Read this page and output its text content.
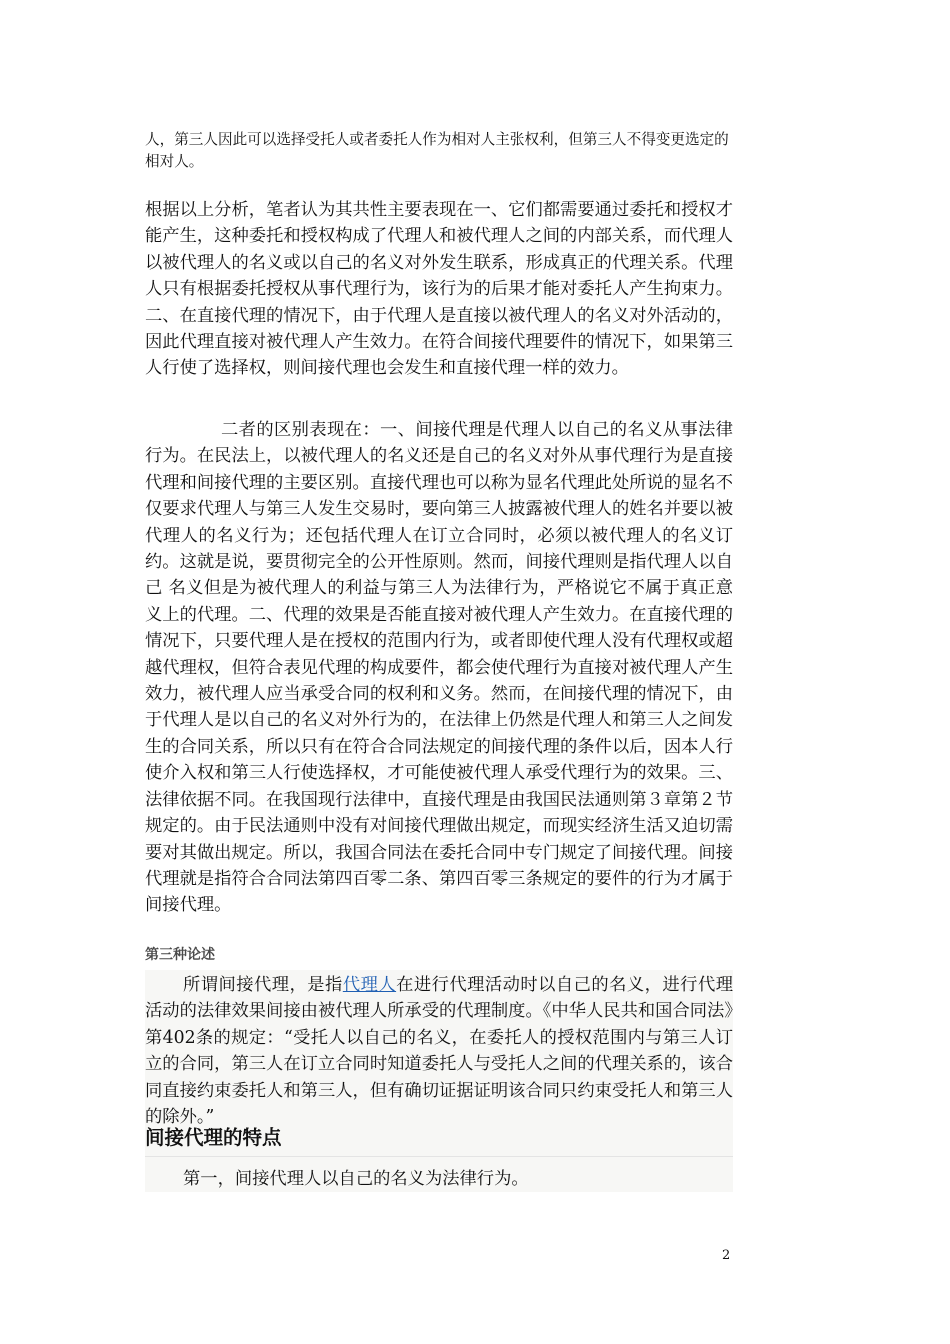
人，第三人因此可以选择受托人或者委托人作为相对人主张权利，但第三人不得变更选定的相对人。

根据以上分析，笔者认为其共性主要表现在一、它们都需要通过委托和授权才能产生，这种委托和授权构成了代理人和被代理人之间的内部关系，而代理人以被代理人的名义或以自己的名义对外发生联系，形成真正的代理关系。代理人只有根据委托授权从事代理行为，该行为的后果才能对委托人产生拘束力。二、在直接代理的情况下，由于代理人是直接以被代理人的名义对外活动的，因此代理直接对被代理人产生效力。在符合间接代理要件的情况下，如果第三人行使了选择权，则间接代理也会发生和直接代理一样的效力。

二者的区别表现在：一、间接代理是代理人以自己的名义从事法律行为。在民法上，以被代理人的名义还是自己的名义对外从事代理行为是直接代理和间接代理的主要区别。直接代理也可以称为显名代理此处所说的显名不仅要求代理人与第三人发生交易时，要向第三人披露被代理人的姓名并要以被代理人的名义行为；还包括代理人在订立合同时，必须以被代理人的名义订约。这就是说，要贯彻完全的公开性原则。然而，间接代理则是指代理人以自己 名义但是为被代理人的利益与第三人为法律行为，严格说它不属于真正意义上的代理。二、代理的效果是否能直接对被代理人产生效力。在直接代理的情况下，只要代理人是在授权的范围内行为，或者即使代理人没有代理权或超越代理权，但符合表见代理的构成要件，都会使代理行为直接对被代理人产生效力，被代理人应当承受合同的权利和义务。然而，在间接代理的情况下，由于代理人是以自己的名义对外行为的，在法律上仍然是代理人和第三人之间发生的合同关系，所以只有在符合合同法规定的间接代理的条件以后，因本人行使介入权和第三人行使选择权，才可能使被代理人承受代理行为的效果。三、法律依据不同。在我国现行法律中，直接代理是由我国民法通则第３章第２节规定的。由于民法通则中没有对间接代理做出规定，而现实经济生活又迫切需要对其做出规定。所以，我国合同法在委托合同中专门规定了间接代理。间接代理就是指符合合同法第四百零二条、第四百零三条规定的要件的行为才属于间接代理。

第三种论述

所谓间接代理，是指代理人在进行代理活动时以自己的名义，进行代理活动的法律效果间接由被代理人所承受的代理制度。《中华人民共和国合同法》第402条的规定：“受托人以自己的名义，在委托人的授权范围内与第三人订立的合同，第三人在订立合同时知道委托人与受托人之间的代理关系的，该合同直接约束委托人和第三人，但有确切证据证明该合同只约束受托人和第三人的除外。”

间接代理的特点

第一，间接代理人以自己的名义为法律行为。

2
